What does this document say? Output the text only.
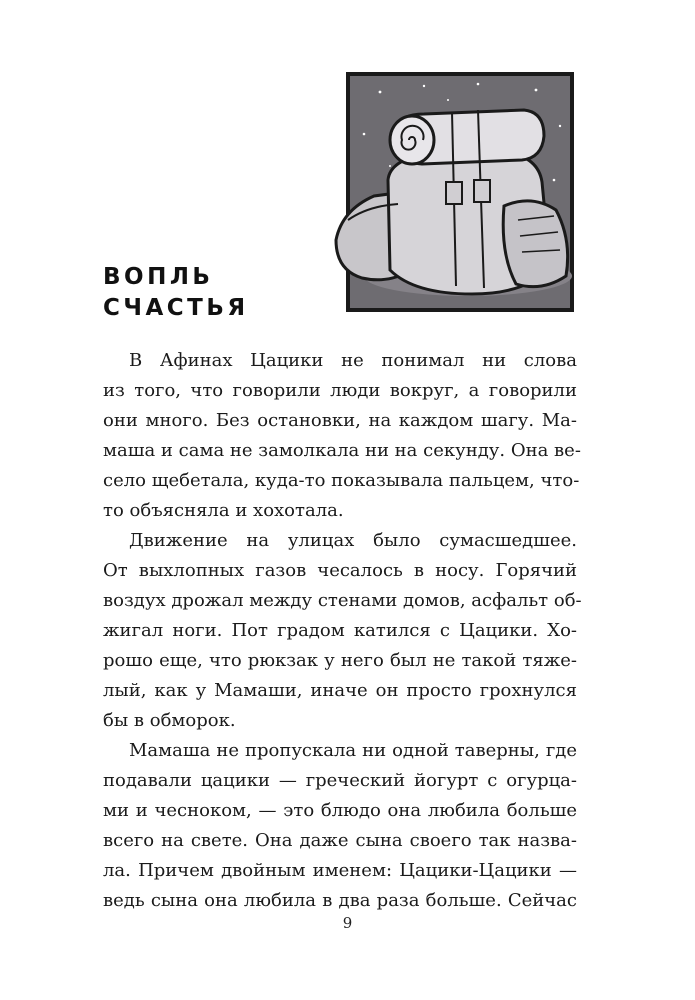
ВОПЛЬ
СЧАСТЬЯ
В Афинах Цацики не понимал ни слова
из того, что говорили люди вокруг, а говорили
они много. Без остановки, на каждом шагу. Ма-
маша и сама не замолкала ни на секунду. Она ве-
село щебетала, куда-то показывала пальцем, что-
то объясняла и хохотала.
Движение на улицах было сумасшедшее.
От выхлопных газов чесалось в носу. Горячий
воздух дрожал между стенами домов, асфальт об-
жигал ноги. Пот градом катился с Цацики. Хо-
рошо еще, что рюкзак у него был не такой тяже-
лый, как у Мамаши, иначе он просто грохнулся
бы в обморок.
Мамаша не пропускала ни одной таверны, где
подавали цацики — греческий йогурт с огурца-
ми и чесноком, — это блюдо она любила больше
всего на свете. Она даже сына своего так назва-
ла. Причем двойным именем: Цацики-Цацики —
ведь сына она любила в два раза больше. Сейчас
9
